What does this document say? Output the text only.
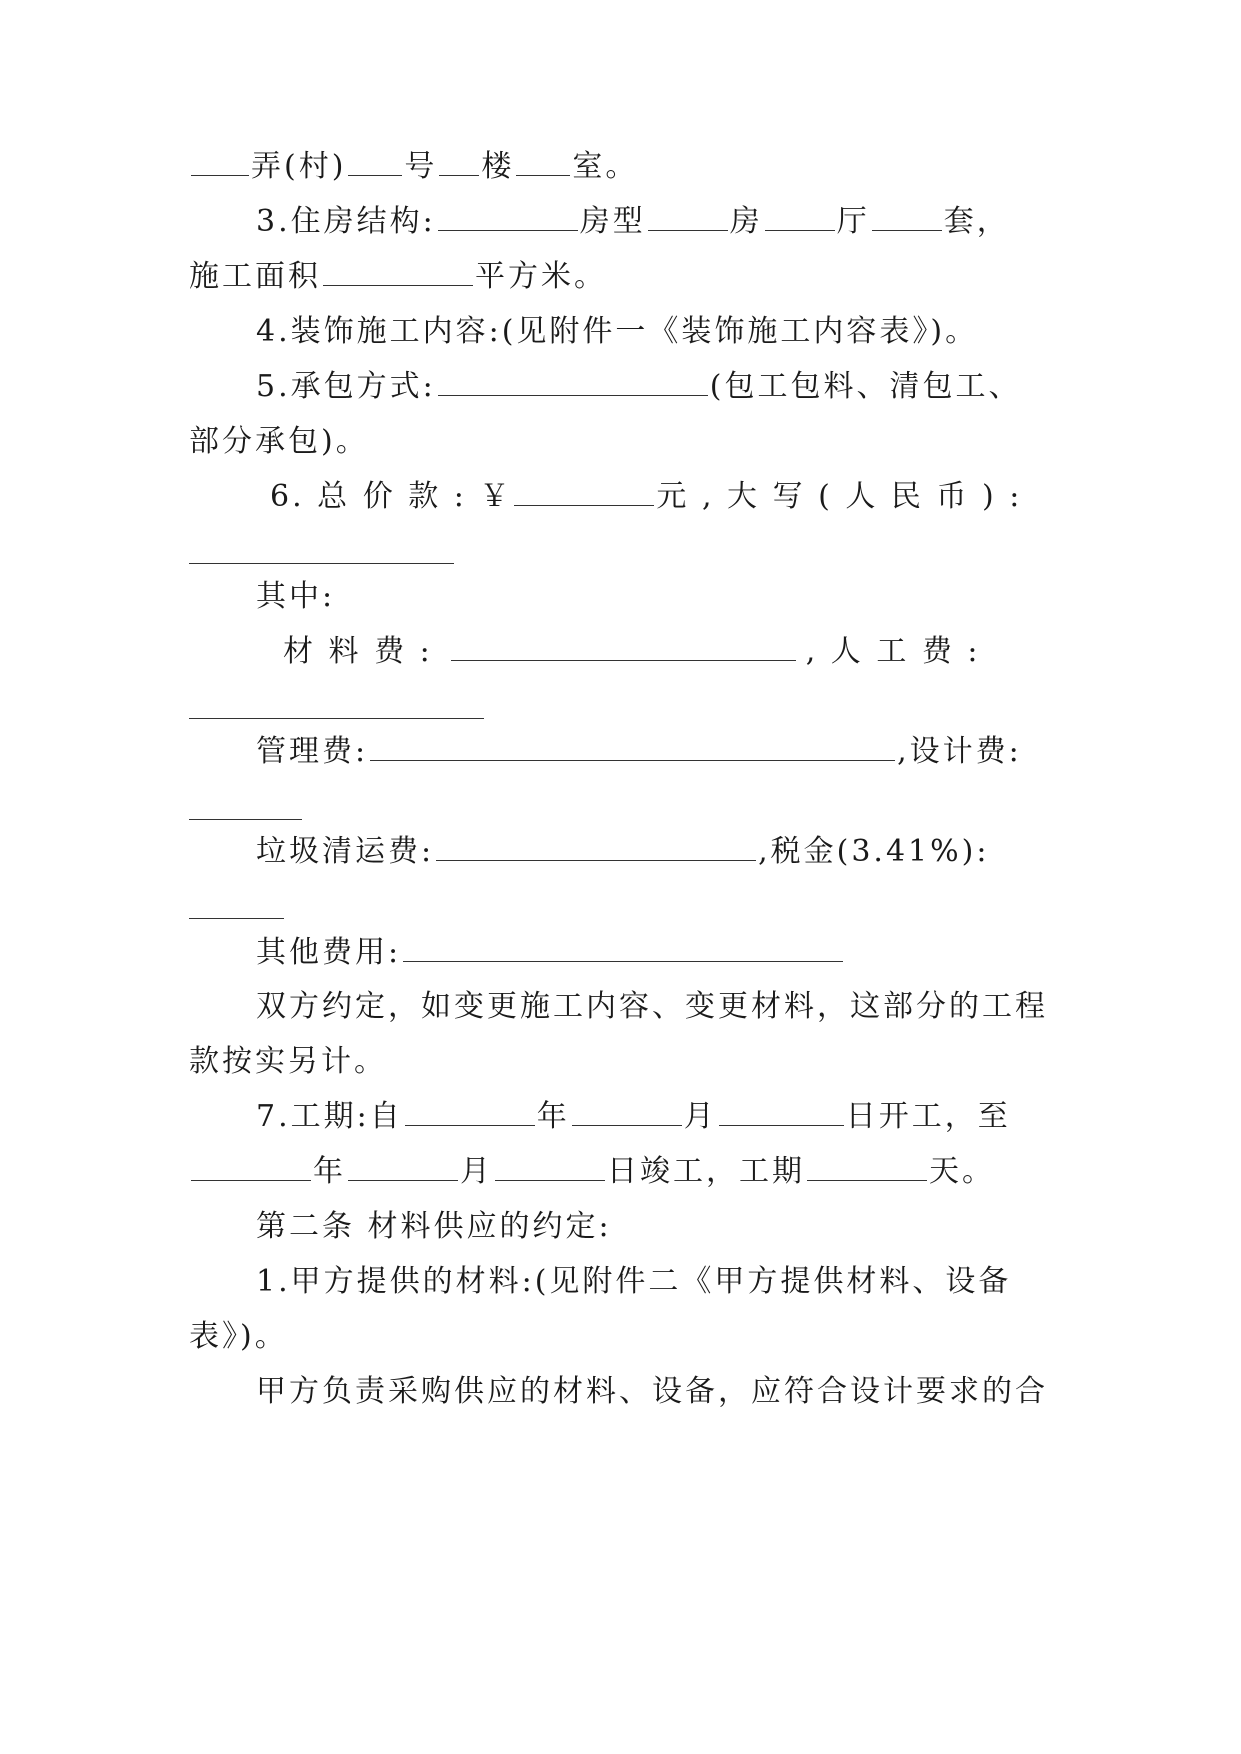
弄(村) 号 楼 室。
3.住房结构:	房型	房 厅 套，
施工面积	平方米。
4.装饰施工内容:(见附件一《装饰施工内容表》)。
5.承包方式:	(包工包料、清包工、
部分承包)。
6. 总 价 款 : ￥	元 , 大 写 ( 人 民 币 ) :
其中:
材 料 费 :	, 人 工 费 :
管理费:	,设计费:
垃圾清运费:	,税金(3.41%):
其他费用:
双方约定，如变更施工内容、变更材料，这部分的工程
款按实另计。
7.工期:自	年	月	日开工，至
年	月	日竣工，工期	天。
第二条 材料供应的约定:
1.甲方提供的材料:(见附件二《甲方提供材料、设备
表》)。
甲方负责采购供应的材料、设备，应符合设计要求的合
